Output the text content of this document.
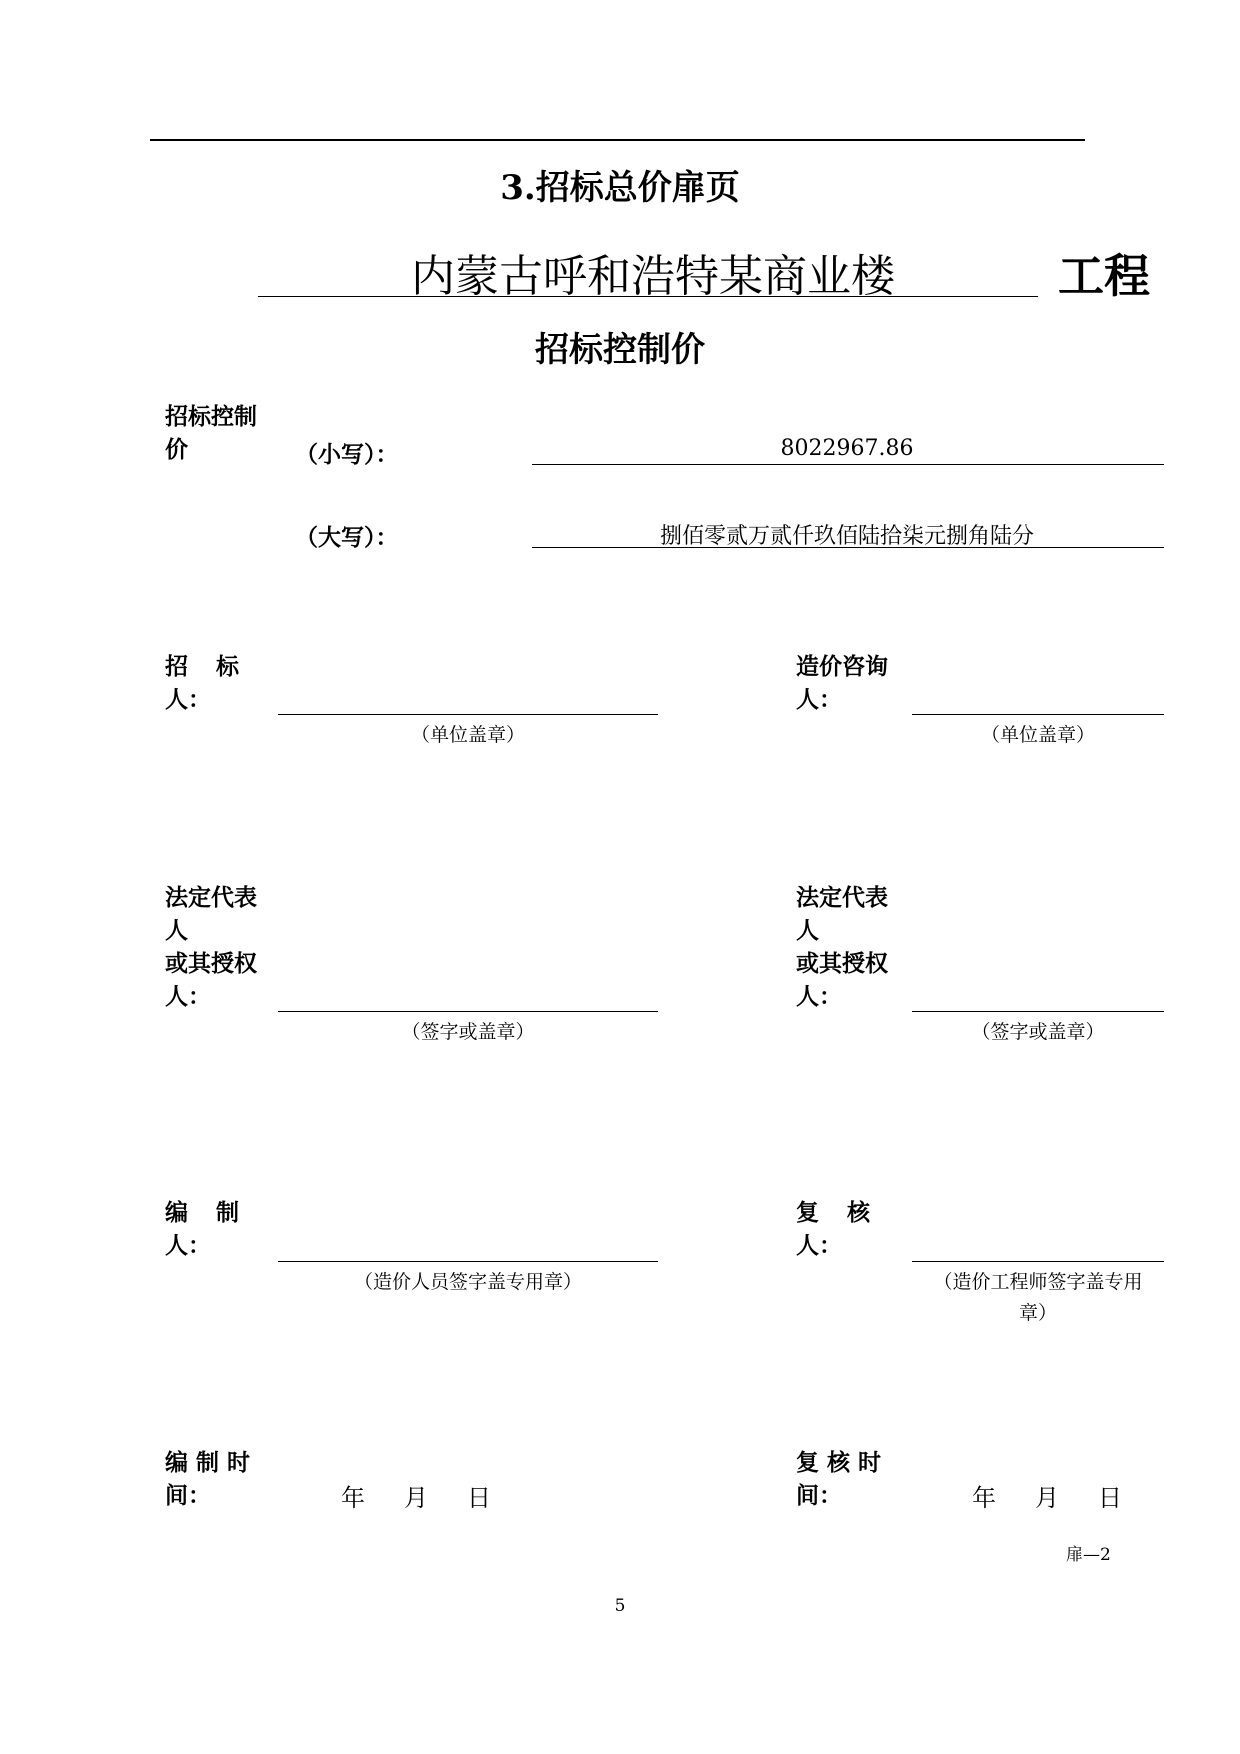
3.招标总价扉页
内蒙古呼和浩特某商业楼	工程
招标控制价
招标控制
价	（小写）：	8022967.86
（大写）：	捌佰零贰万贰仟玖佰陆拾柒元捌角陆分
招 标
人：
（单位盖章）
造价咨询
人：
（单位盖章）
法定代表
人
或其授权
人：
（签字或盖章）
法定代表
人
或其授权
人：
（签字或盖章）
编 制
人：
（造价人员签字盖专用章）
复 核
人：
（造价工程师签字盖专用
章）
编 制 时
间：	年 月 日
复 核 时
间：	年 月 日
扉—2
5
